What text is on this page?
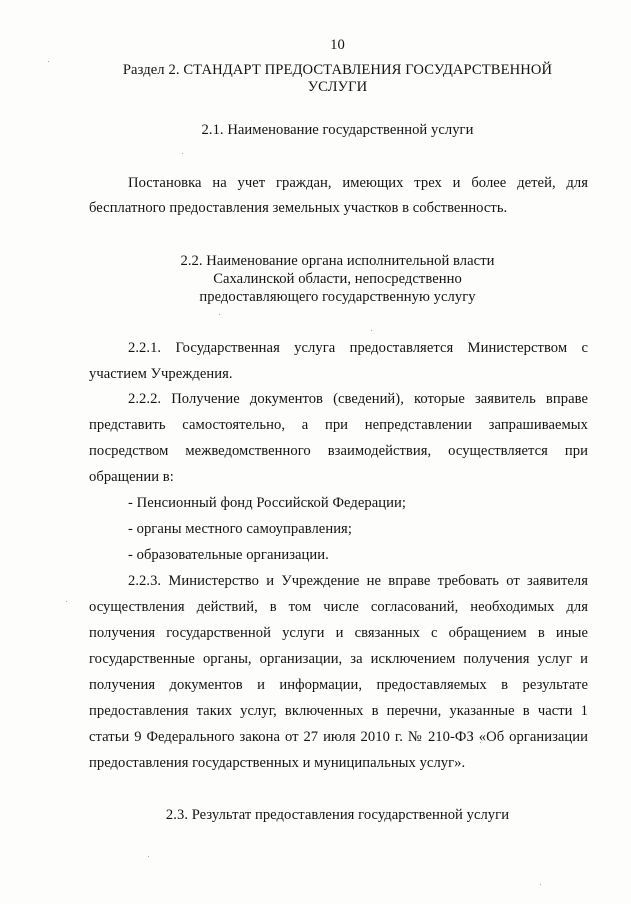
10
Раздел 2. СТАНДАРТ ПРЕДОСТАВЛЕНИЯ ГОСУДАРСТВЕННОЙ
УСЛУГИ
2.1. Наименование государственной услуги
Постановка на учет граждан, имеющих трех и более детей, для
бесплатного предоставления земельных участков в собственность.
2.2. Наименование органа исполнительной власти
Сахалинской области, непосредственно
предоставляющего государственную услугу
2.2.1. Государственная услуга предоставляется Министерством с
участием Учреждения.
2.2.2. Получение документов (сведений), которые заявитель вправе
представить самостоятельно, а при непредставлении запрашиваемых
посредством межведомственного взаимодействия, осуществляется при
обращении в:
- Пенсионный фонд Российской Федерации;
- органы местного самоуправления;
- образовательные организации.
2.2.3. Министерство и Учреждение не вправе требовать от заявителя
осуществления действий, в том числе согласований, необходимых для
получения государственной услуги и связанных с обращением в иные
государственные органы, организации, за исключением получения услуг и
получения документов и информации, предоставляемых в результате
предоставления таких услуг, включенных в перечни, указанные в части 1
статьи 9 Федерального закона от 27 июля 2010 г. № 210-ФЗ «Об организации
предоставления государственных и муниципальных услуг».
2.3. Результат предоставления государственной услуги
